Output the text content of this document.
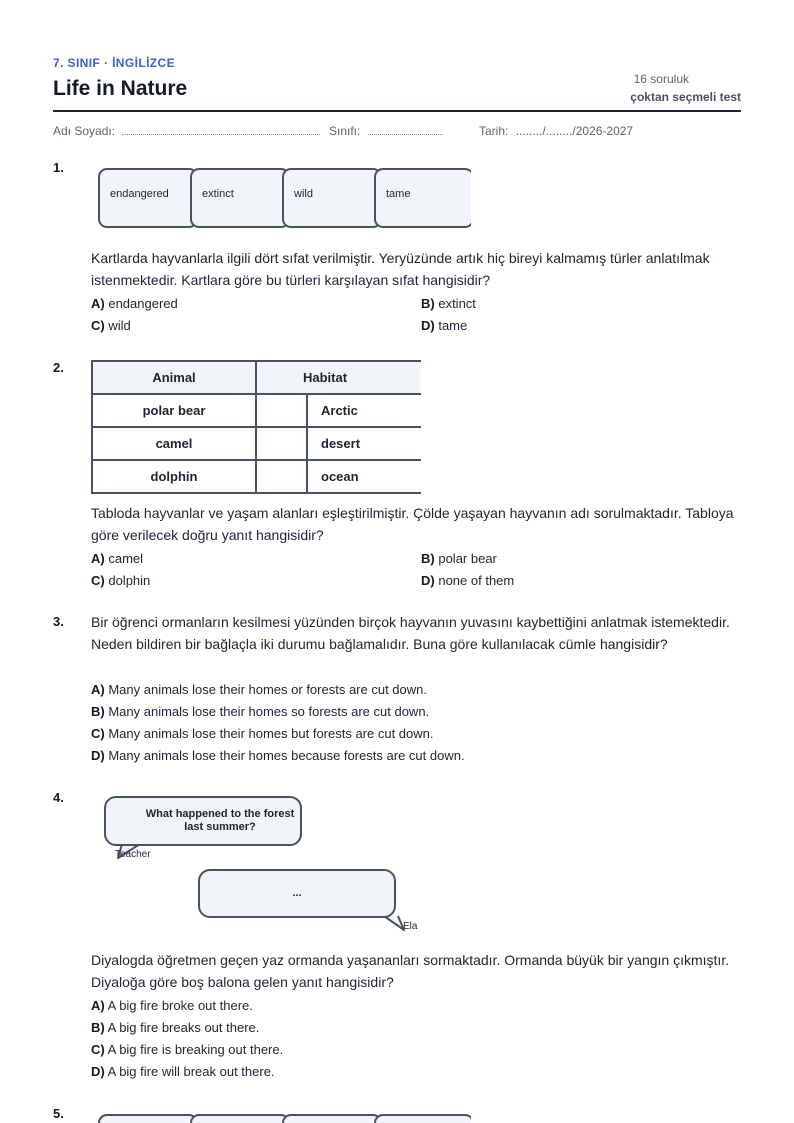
7. SINIF · İNGİLİZCE
Life in Nature	16 soruluk
çoktan seçmeli test
Adı Soyadı:	Sınıfı:	Tarih: ......../......../2026-2027
1.
endangered	extinct	wild	tame
Kartlarda hayvanlarla ilgili dört sıfat verilmiştir. Yeryüzünde artık hiç bireyi kalmamış türler anlatılmak istenmektedir. Kartlara göre bu türleri karşılayan sıfat hangisidir?
A) endangered	B) extinct
C) wild	D) tame
2.
Animal	Habitat
polar bear	Arctic
camel	desert
dolphin	ocean
Tabloda hayvanlar ve yaşam alanları eşleştirilmiştir. Çölde yaşayan hayvanın adı sorulmaktadır. Tabloya göre verilecek doğru yanıt hangisidir?
A) camel	B) polar bear
C) dolphin	D) none of them
3. Bir öğrenci ormanların kesilmesi yüzünden birçok hayvanın yuvasını kaybettiğini anlatmak istemektedir. Neden bildiren bir bağlaçla iki durumu bağlamalıdır. Buna göre kullanılacak cümle hangisidir?
A) Many animals lose their homes or forests are cut down.
B) Many animals lose their homes so forests are cut down.
C) Many animals lose their homes but forests are cut down.
D) Many animals lose their homes because forests are cut down.
4.
What happened to the forest last summer?
Teacher
...
Ela
Diyalogda öğretmen geçen yaz ormanda yaşananları sormaktadır. Ormanda büyük bir yangın çıkmıştır. Diyaloğa göre boş balona gelen yanıt hangisidir?
A) A big fire broke out there.
B) A big fire breaks out there.
C) A big fire is breaking out there.
D) A big fire will break out there.
5.
